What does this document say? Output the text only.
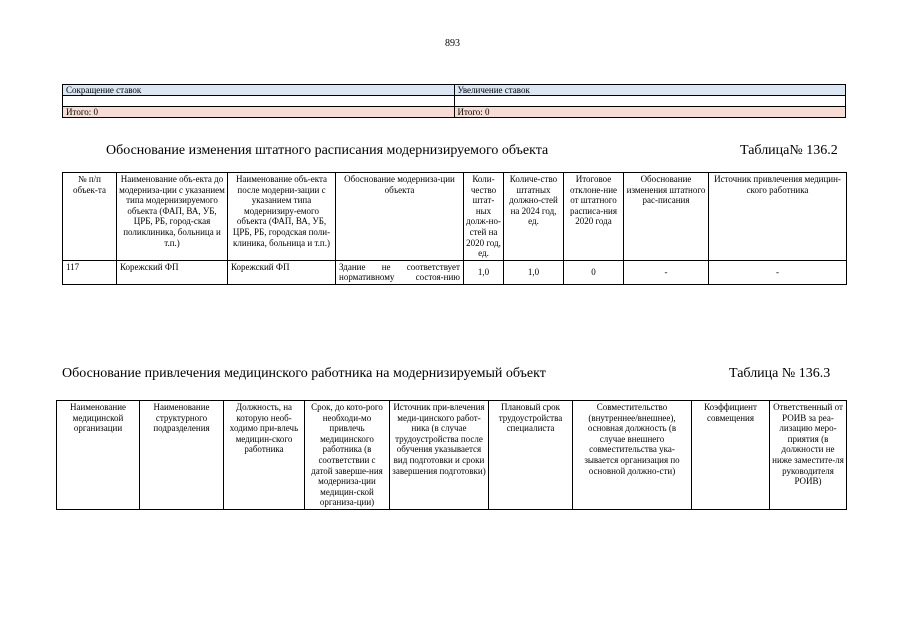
893
Сокращение ставок	Увеличение ставок

Итого: 0	Итого: 0
Обоснование изменения штатного расписания модернизируемого объекта	Таблица№ 136.2
№ п/п объек-та	Наименование объ-екта до модерниза-ции с указанием типа модернизируемого объекта (ФАП, ВА, УБ, ЦРБ, РБ, город-ская поликлиника, больница и т.п.)	Наименование объ-екта после модерни-зации с указанием типа модернизиру-емого объекта (ФАП, ВА, УБ, ЦРБ, РБ, городская поли-клиника, больница и т.п.)	Обоснование модерниза-ции объекта	Коли-чество штат-ных долж-но-стей на 2020 год, ед.	Количе-ство штатных должно-стей на 2024 год, ед.	Итоговое отклоне-ние от штатного расписа-ния 2020 года	Обоснование изменения штатного рас-писания	Источник привлечения медицин-ского работника
117	Корежский ФП	Корежский ФП	Здание не соответствует нормативному состоя-нию	1,0	1,0	0	-	-
Обоснование привлечения медицинского работника на модернизируемый объект	Таблица № 136.3
Наименование медицинской организации	Наименование структурного подразделения	Должность, на которую необ-ходимо при-влечь медицин-ского работника	Срок, до кото-рого необходи-мо привлечь медицинского работника (в соответствии с датой заверше-ния модерниза-ции медицин-ской организа-ции)	Источник при-влечения меди-цинского работ-ника (в случае трудоустройства после обучения указывается вид подготовки и сроки завершения подготовки)	Плановый срок трудоустройства специалиста	Совместительство (внутреннее/внешнее), основная должность (в случае внешнего совместительства ука-зывается организация по основной должно-сти)	Коэффициент совмещения	Ответственный от РОИВ за реа-лизацию меро-приятия (в должности не ниже заместите-ля руководителя РОИВ)
